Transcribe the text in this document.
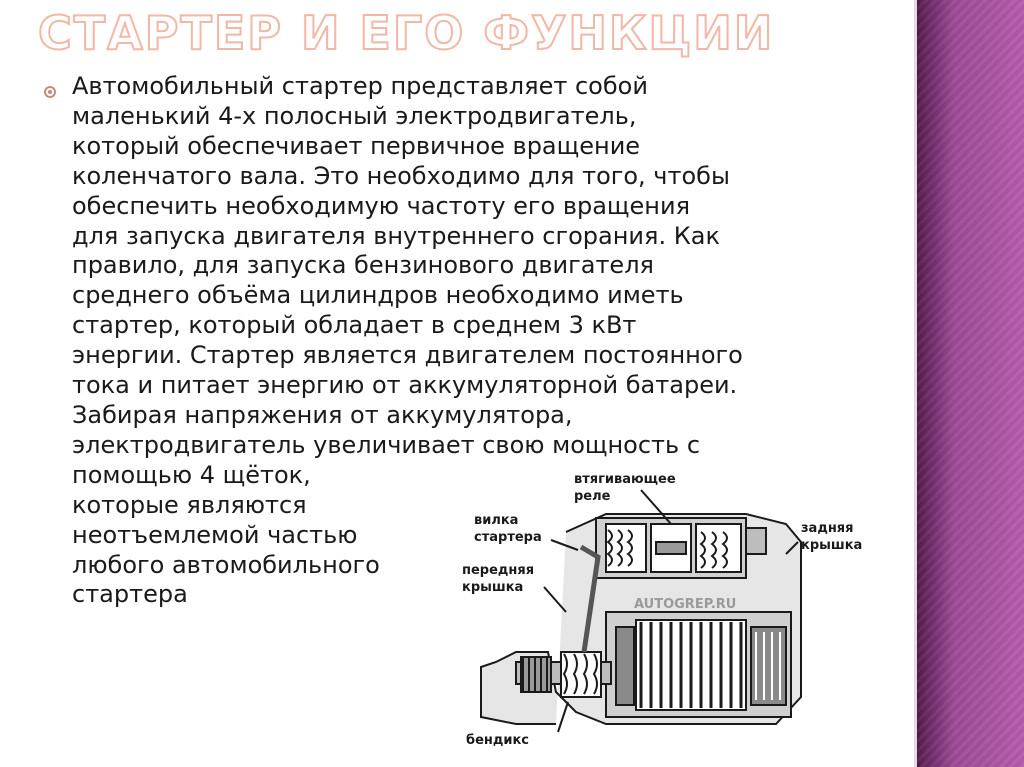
СТАРТЕР И ЕГО ФУНКЦИИ
Автомобильный стартер представляет собой
маленький 4-х полосный электродвигатель,
который обеспечивает первичное вращение
коленчатого вала. Это необходимо для того, чтобы
обеспечить необходимую частоту его вращения
для запуска двигателя внутреннего сгорания. Как
правило, для запуска бензинового двигателя
среднего объёма цилиндров необходимо иметь
стартер, который обладает в среднем 3 кВт
энергии. Стартер является двигателем постоянного
тока и питает энергию от аккумуляторной батареи.
Забирая напряжения от аккумулятора,
электродвигатель увеличивает свою мощность с
помощью 4 щёток,
которые являются
неотъемлемой частью
любого автомобильного
стартера
втягивающее реле
вилка стартера
задняя крышка
передняя крышка
бендикс
AUTOGREP.RU
